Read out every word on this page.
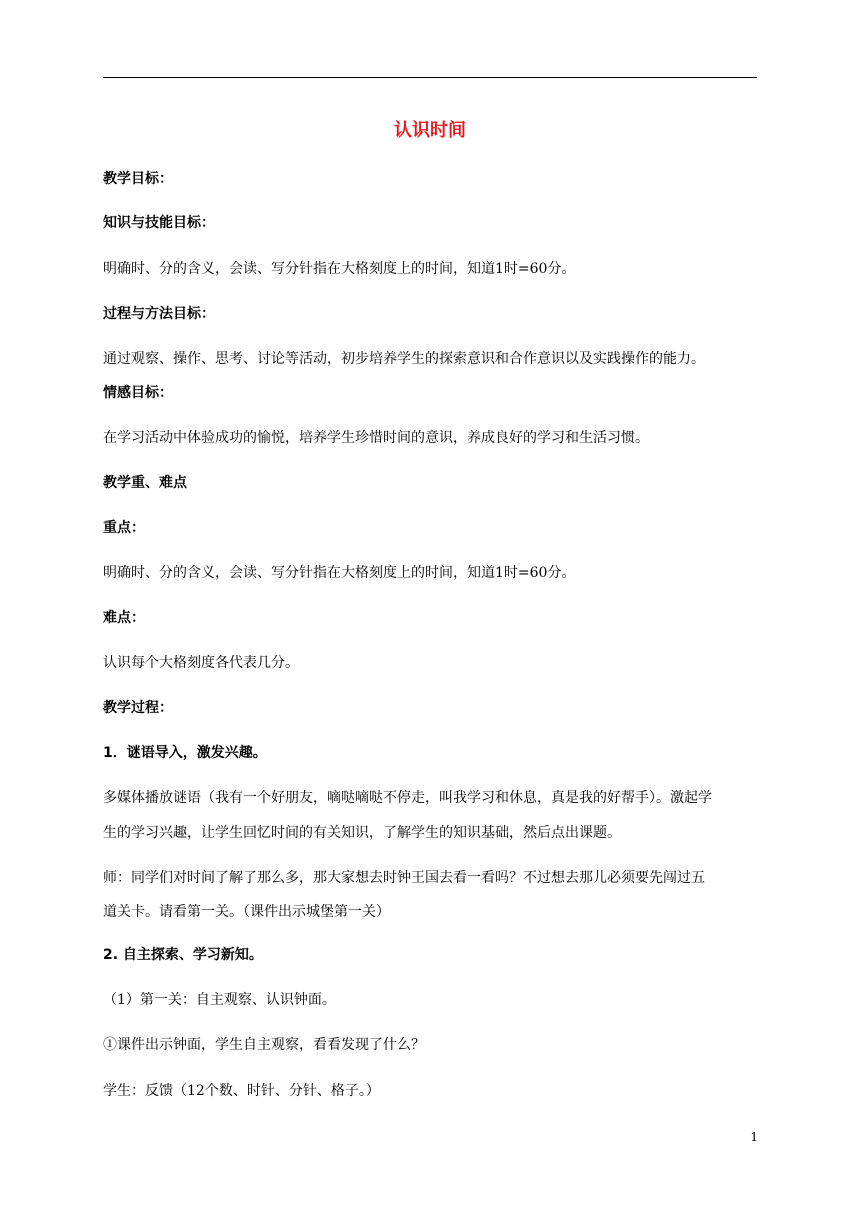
认识时间
教学目标：
知识与技能目标：
明确时、分的含义，会读、写分针指在大格刻度上的时间，知道1时=60分。
过程与方法目标：
通过观察、操作、思考、讨论等活动，初步培养学生的探索意识和合作意识以及实践操作的能力。
情感目标：
在学习活动中体验成功的愉悦，培养学生珍惜时间的意识，养成良好的学习和生活习惯。
教学重、难点
重点：
明确时、分的含义，会读、写分针指在大格刻度上的时间，知道1时=60分。
难点：
认识每个大格刻度各代表几分。
教学过程：
1．谜语导入，激发兴趣。
多媒体播放谜语（我有一个好朋友，嘀哒嘀哒不停走，叫我学习和休息，真是我的好帮手）。激起学
生的学习兴趣，让学生回忆时间的有关知识，了解学生的知识基础，然后点出课题。
师：同学们对时间了解了那么多，那大家想去时钟王国去看一看吗？不过想去那儿必须要先闯过五
道关卡。请看第一关。（课件出示城堡第一关）
2. 自主探索、学习新知。
（1）第一关：自主观察、认识钟面。
①课件出示钟面，学生自主观察，看看发现了什么？
学生：反馈（12个数、时针、分针、格子。）
1
